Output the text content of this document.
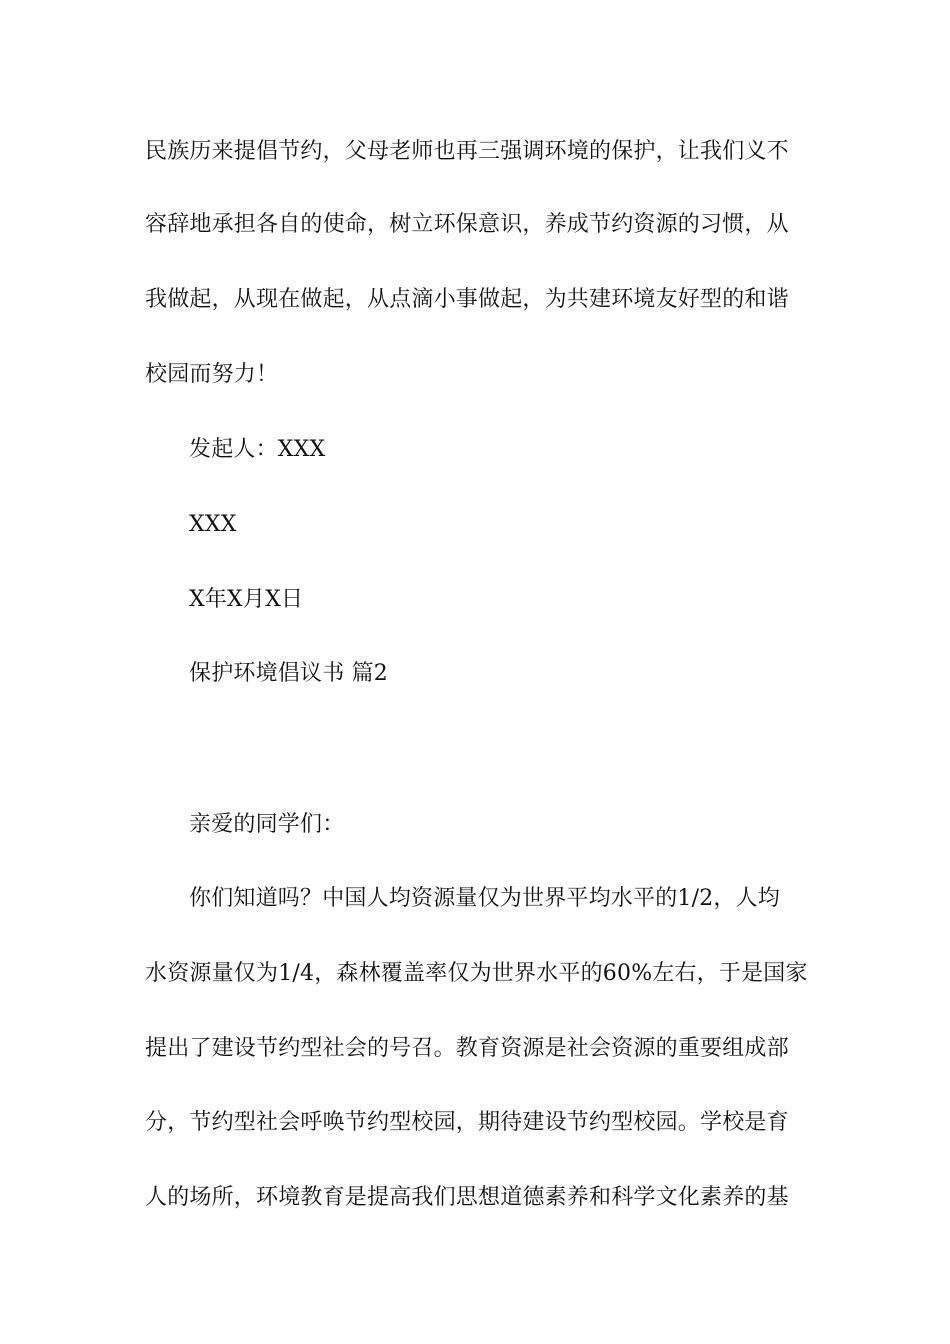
民族历来提倡节约，父母老师也再三强调环境的保护，让我们义不
容辞地承担各自的使命，树立环保意识，养成节约资源的习惯，从
我做起，从现在做起，从点滴小事做起，为共建环境友好型的和谐
校园而努力！
发起人：XXX
XXX
X年X月X日
保护环境倡议书 篇2
亲爱的同学们：
你们知道吗？中国人均资源量仅为世界平均水平的1/2，人均
水资源量仅为1/4，森林覆盖率仅为世界水平的60%左右，于是国家
提出了建设节约型社会的号召。教育资源是社会资源的重要组成部
分，节约型社会呼唤节约型校园，期待建设节约型校园。学校是育
人的场所，环境教育是提高我们思想道德素养和科学文化素养的基
